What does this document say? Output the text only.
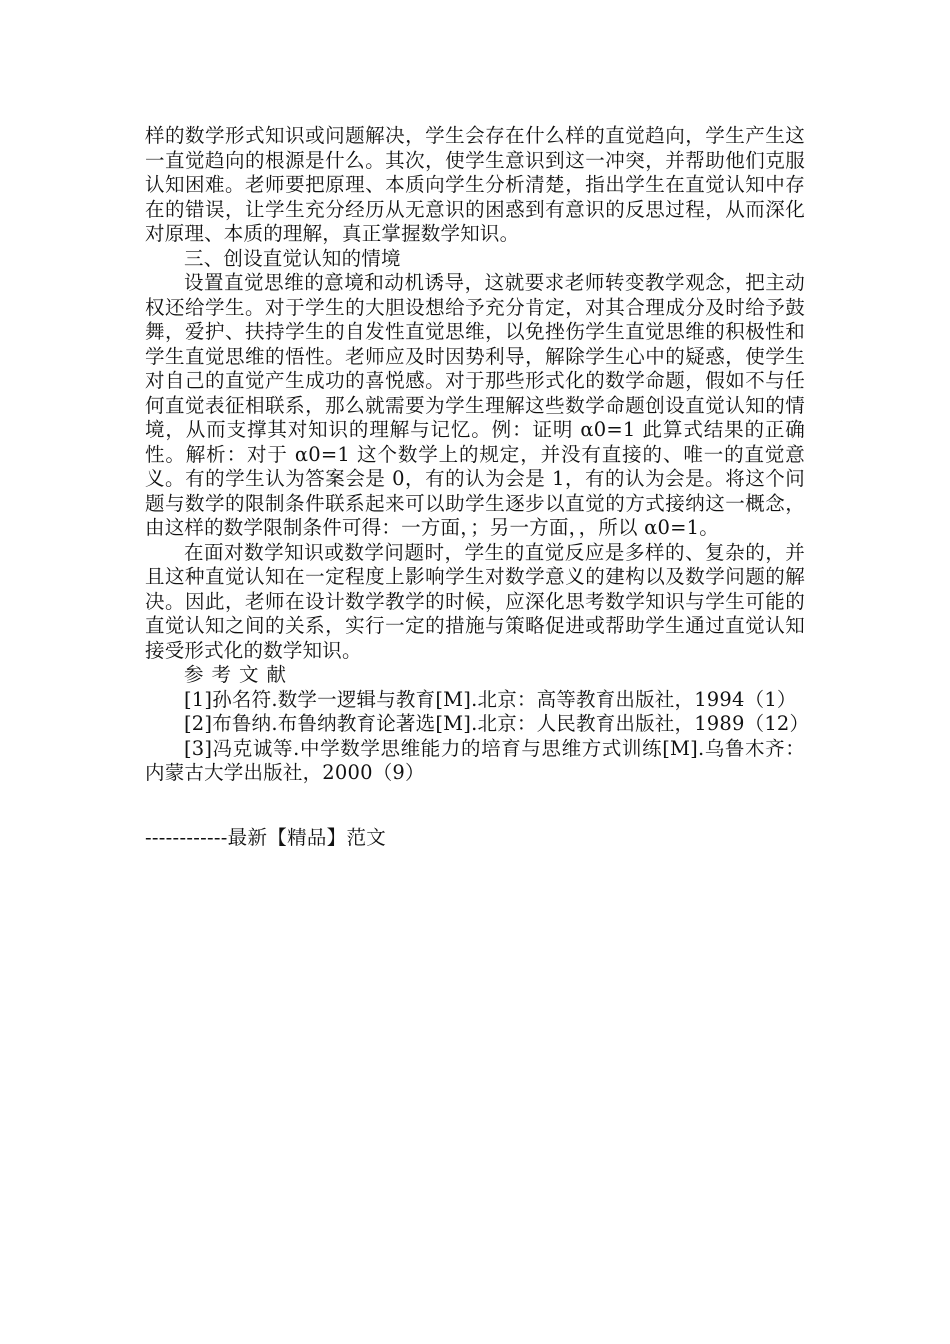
样的数学形式知识或问题解决，学生会存在什么样的直觉趋向，学生产生这一直觉趋向的根源是什么。其次，使学生意识到这一冲突，并帮助他们克服认知困难。老师要把原理、本质向学生分析清楚，指出学生在直觉认知中存在的错误，让学生充分经历从无意识的困惑到有意识的反思过程，从而深化对原理、本质的理解，真正掌握数学知识。

三、创设直觉认知的情境

设置直觉思维的意境和动机诱导，这就要求老师转变教学观念，把主动权还给学生。对于学生的大胆设想给予充分肯定，对其合理成分及时给予鼓舞，爱护、扶持学生的自发性直觉思维，以免挫伤学生直觉思维的积极性和学生直觉思维的悟性。老师应及时因势利导，解除学生心中的疑惑，使学生对自己的直觉产生成功的喜悦感。对于那些形式化的数学命题，假如不与任何直觉表征相联系，那么就需要为学生理解这些数学命题创设直觉认知的情境，从而支撑其对知识的理解与记忆。例：证明 α0=1 此算式结果的正确性。解析：对于 α0=1 这个数学上的规定，并没有直接的、唯一的直觉意义。有的学生认为答案会是 0，有的认为会是 1，有的认为会是。将这个问题与数学的限制条件联系起来可以助学生逐步以直觉的方式接纳这一概念，由这样的数学限制条件可得：一方面，；另一方面，，所以 α0=1。

在面对数学知识或数学问题时，学生的直觉反应是多样的、复杂的，并且这种直觉认知在一定程度上影响学生对数学意义的建构以及数学问题的解决。因此，老师在设计数学教学的时候，应深化思考数学知识与学生可能的直觉认知之间的关系，实行一定的措施与策略促进或帮助学生通过直觉认知接受形式化的数学知识。

参考文献

[1]孙名符.数学一逻辑与教育[M].北京：高等教育出版社，1994（1）

[2]布鲁纳.布鲁纳教育论著选[M].北京：人民教育出版社，1989（12）

[3]冯克诚等.中学数学思维能力的培育与思维方式训练[M].乌鲁木齐：内蒙古大学出版社，2000（9）

------------最新【精品】范文
